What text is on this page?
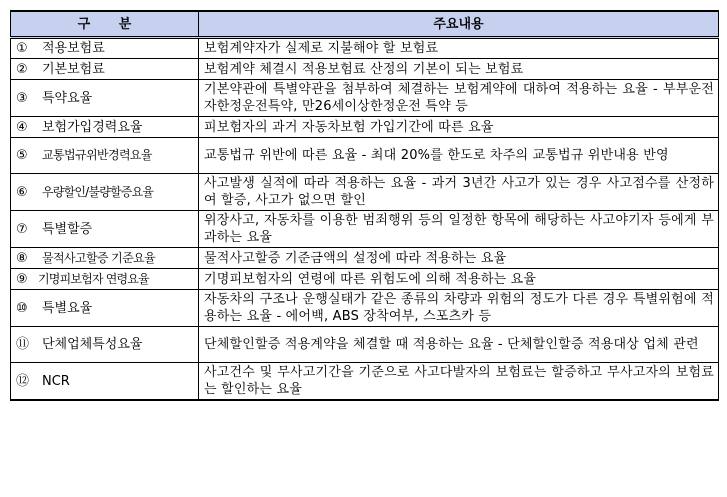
구 분	주요내용
① 적용보험료	보험계약자가 실제로 지불해야 할 보험료
② 기본보험료	보험계약 체결시 적용보험료 산정의 기본이 되는 보험료
③ 특약요율	기본약관에 특별약관을 첨부하여 체결하는 보험계약에 대하여 적용하는 요율 - 부부운전자한정운전특약, 만26세이상한정운전 특약 등
④ 보험가입경력요율	피보험자의 과거 자동차보험 가입기간에 따른 요율
⑤ 교통법규위반경력요율	교통법규 위반에 따른 요율 - 최대 20%를 한도로 차주의 교통법규 위반내용 반영
⑥ 우량할인/불량할증요율	사고발생 실적에 따라 적용하는 요율 - 과거 3년간 사고가 있는 경우 사고점수를 산정하여 할증, 사고가 없으면 할인
⑦ 특별할증	위장사고, 자동차를 이용한 범죄행위 등의 일정한 항목에 해당하는 사고야기자 등에게 부과하는 요율
⑧ 물적사고할증 기준요율	물적사고할증 기준금액의 설정에 따라 적용하는 요율
⑨ 기명피보험자 연령요율	기명피보험자의 연령에 따른 위험도에 의해 적용하는 요율
⑩ 특별요율	자동차의 구조나 운행실태가 같은 종류의 차량과 위험의 정도가 다른 경우 특별위험에 적용하는 요율 - 에어백, ABS 장착여부, 스포츠카 등
⑪ 단체업체특성요율	단체할인할증 적용계약을 체결할 때 적용하는 요율 - 단체할인할증 적용대상 업체 관련
⑫ NCR	사고건수 및 무사고기간을 기준으로 사고다발자의 보험료는 할증하고 무사고자의 보험료는 할인하는 요율
